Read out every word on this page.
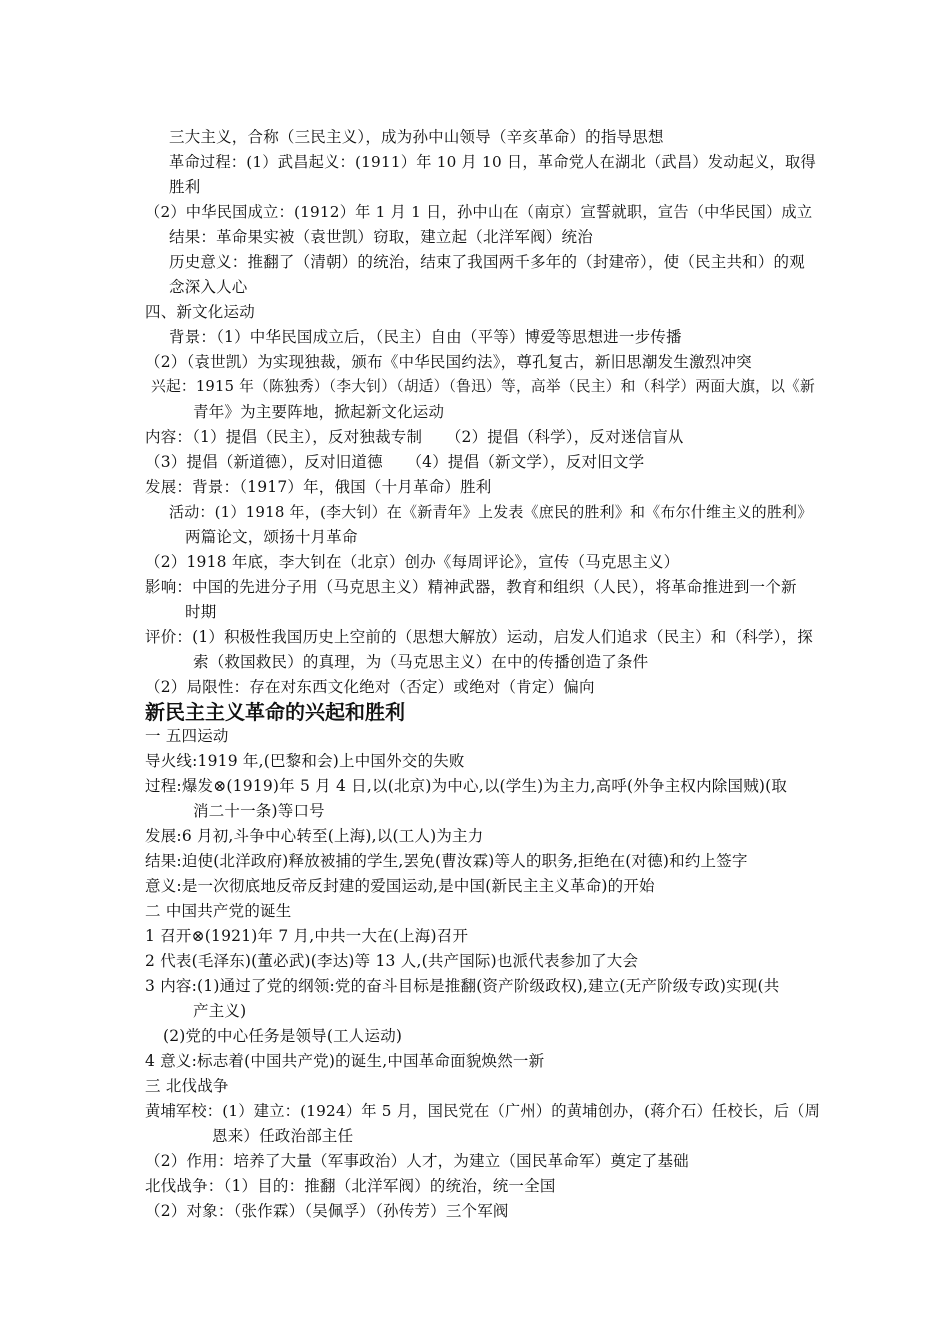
三大主义，合称（三民主义），成为孙中山领导（辛亥革命）的指导思想
革命过程：(1）武昌起义：(1911）年 10 月 10 日，革命党人在湖北（武昌）发动起义，取得
胜利
（2）中华民国成立：(1912）年 1 月 1 日，孙中山在（南京）宣誓就职，宣告（中华民国）成立
结果：革命果实被（袁世凯）窃取，建立起（北洋军阀）统治
历史意义：推翻了（清朝）的统治，结束了我国两千多年的（封建帝），使（民主共和）的观
念深入人心
四、新文化运动
背景：（1）中华民国成立后，（民主）自由（平等）博爱等思想进一步传播
（2）（袁世凯）为实现独裁，颁布《中华民国约法》，尊孔复古，新旧思潮发生激烈冲突
兴起：1915 年（陈独秀）（李大钊）（胡适）（鲁迅）等，高举（民主）和（科学）两面大旗，以《新
青年》为主要阵地，掀起新文化运动
内容：（1）提倡（民主），反对独裁专制　　（2）提倡（科学），反对迷信盲从
（3）提倡（新道德），反对旧道德　　（4）提倡（新文学），反对旧文学
发展：背景：（1917）年，俄国（十月革命）胜利
活动：(1）1918 年，(李大钊）在《新青年》上发表《庶民的胜利》和《布尔什维主义的胜利》
两篇论文，颂扬十月革命
（2）1918 年底，李大钊在（北京）创办《每周评论》，宣传（马克思主义）
影响：中国的先进分子用（马克思主义）精神武器，教育和组织（人民），将革命推进到一个新
时期
评价：(1）积极性我国历史上空前的（思想大解放）运动，启发人们追求（民主）和（科学），探
索（救国救民）的真理，为（马克思主义）在中的传播创造了条件
（2）局限性：存在对东西文化绝对（否定）或绝对（肯定）偏向
新民主主义革命的兴起和胜利
一 五四运动
导火线:1919 年,(巴黎和会)上中国外交的失败
过程:爆发⊗(1919)年 5 月 4 日,以(北京)为中心,以(学生)为主力,高呼(外争主权内除国贼)(取
消二十一条)等口号
发展:6 月初,斗争中心转至(上海),以(工人)为主力
结果:迫使(北洋政府)释放被捕的学生,罢免(曹汝霖)等人的职务,拒绝在(对德)和约上签字
意义:是一次彻底地反帝反封建的爱国运动,是中国(新民主主义革命)的开始
二 中国共产党的诞生
1 召开⊗(1921)年 7 月,中共一大在(上海)召开
2 代表(毛泽东)(董必武)(李达)等 13 人,(共产国际)也派代表参加了大会
3 内容:(1)通过了党的纲领:党的奋斗目标是推翻(资产阶级政权),建立(无产阶级专政)实现(共
产主义)
(2)党的中心任务是领导(工人运动)
4 意义:标志着(中国共产党)的诞生,中国革命面貌焕然一新
三 北伐战争
黄埔军校：(1）建立：(1924）年 5 月，国民党在（广州）的黄埔创办，(蒋介石）任校长，后（周
恩来）任政治部主任
（2）作用：培养了大量（军事政治）人才，为建立（国民革命军）奠定了基础
北伐战争：（1）目的：推翻（北洋军阀）的统治，统一全国
（2）对象：（张作霖）（吴佩孚）（孙传芳）三个军阀
